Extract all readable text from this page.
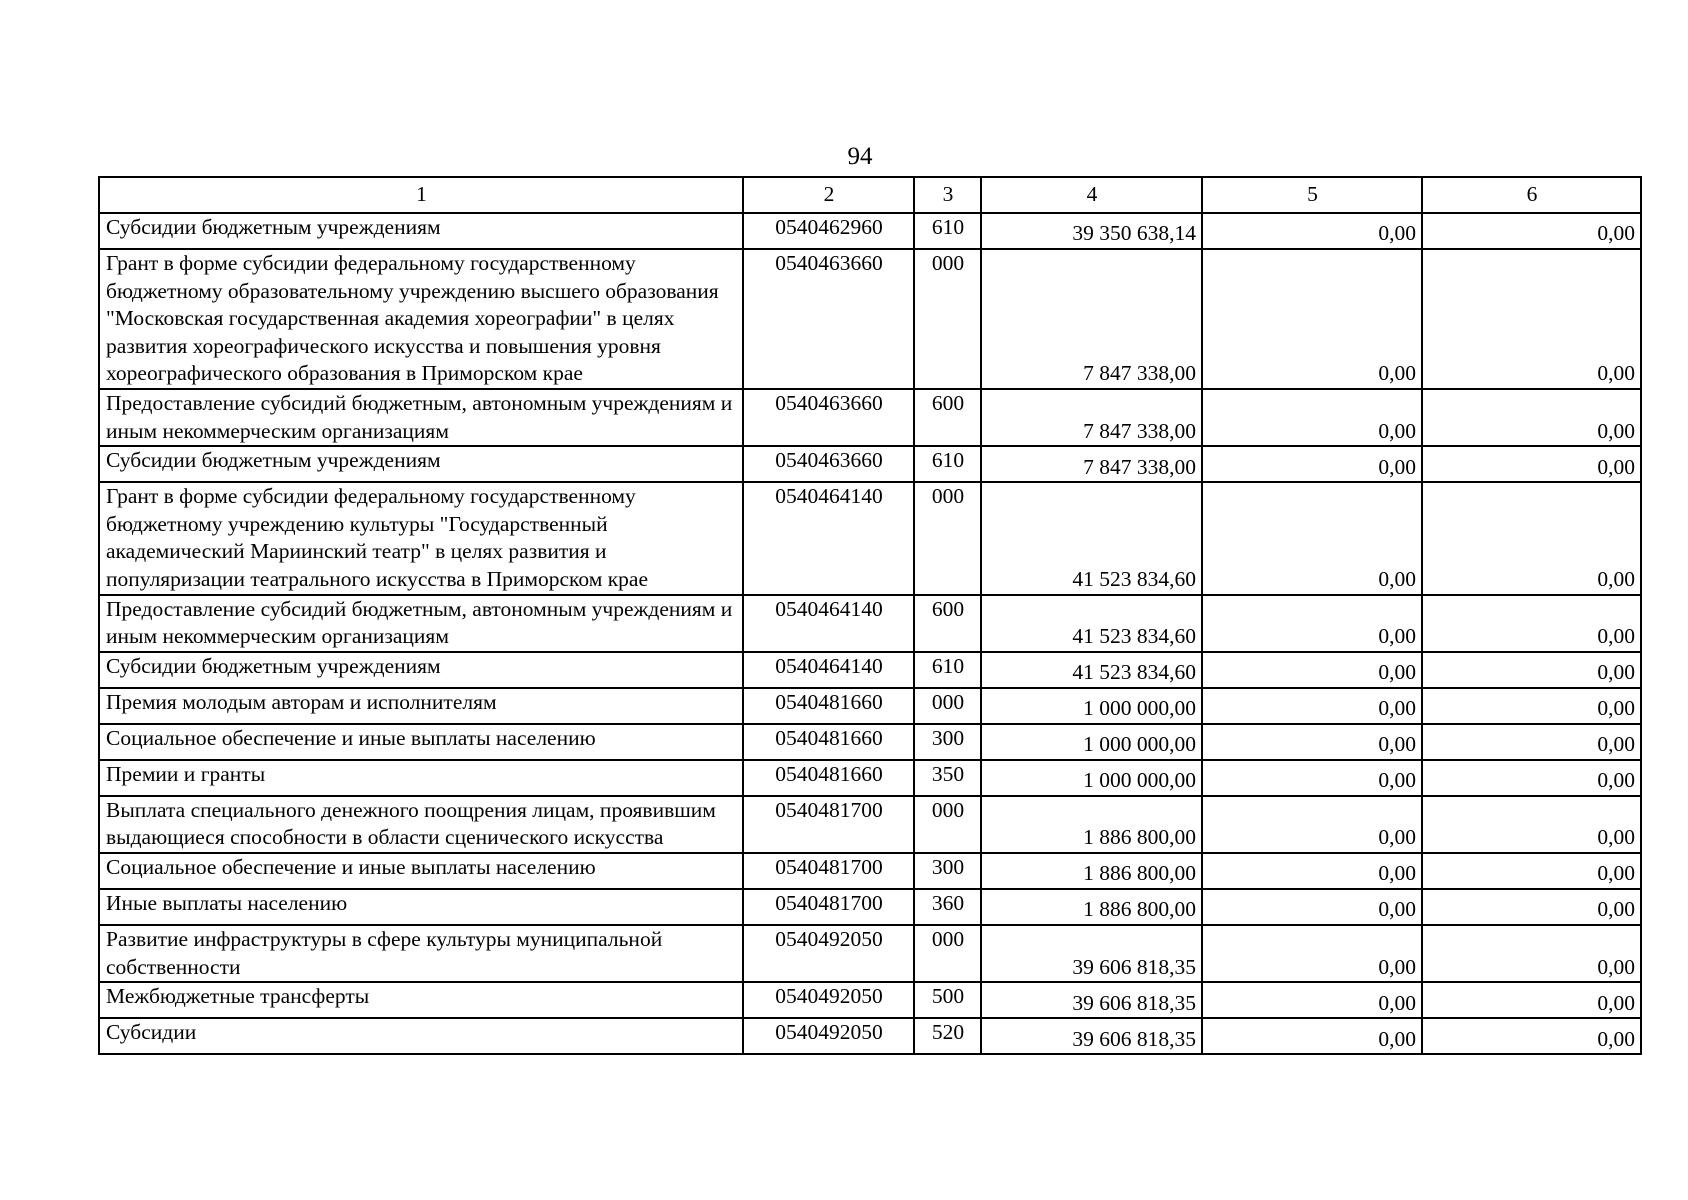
94
1	2	3	4	5	6
Субсидии бюджетным учреждениям	0540462960	610	39 350 638,14	0,00	0,00
Грант в форме субсидии федеральному государственному бюджетному образовательному учреждению высшего образования "Московская государственная академия хореографии" в целях развития хореографического искусства и повышения уровня хореографического образования в Приморском крае	0540463660	000	7 847 338,00	0,00	0,00
Предоставление субсидий бюджетным, автономным учреждениям и иным некоммерческим организациям	0540463660	600	7 847 338,00	0,00	0,00
Субсидии бюджетным учреждениям	0540463660	610	7 847 338,00	0,00	0,00
Грант в форме субсидии федеральному государственному бюджетному учреждению культуры "Государственный академический Мариинский театр" в целях развития и популяризации театрального искусства в Приморском крае	0540464140	000	41 523 834,60	0,00	0,00
Предоставление субсидий бюджетным, автономным учреждениям и иным некоммерческим организациям	0540464140	600	41 523 834,60	0,00	0,00
Субсидии бюджетным учреждениям	0540464140	610	41 523 834,60	0,00	0,00
Премия молодым авторам и исполнителям	0540481660	000	1 000 000,00	0,00	0,00
Социальное обеспечение и иные выплаты населению	0540481660	300	1 000 000,00	0,00	0,00
Премии и гранты	0540481660	350	1 000 000,00	0,00	0,00
Выплата специального денежного поощрения лицам, проявившим выдающиеся способности в области сценического искусства	0540481700	000	1 886 800,00	0,00	0,00
Социальное обеспечение и иные выплаты населению	0540481700	300	1 886 800,00	0,00	0,00
Иные выплаты населению	0540481700	360	1 886 800,00	0,00	0,00
Развитие инфраструктуры в сфере культуры муниципальной собственности	0540492050	000	39 606 818,35	0,00	0,00
Межбюджетные трансферты	0540492050	500	39 606 818,35	0,00	0,00
Субсидии	0540492050	520	39 606 818,35	0,00	0,00
